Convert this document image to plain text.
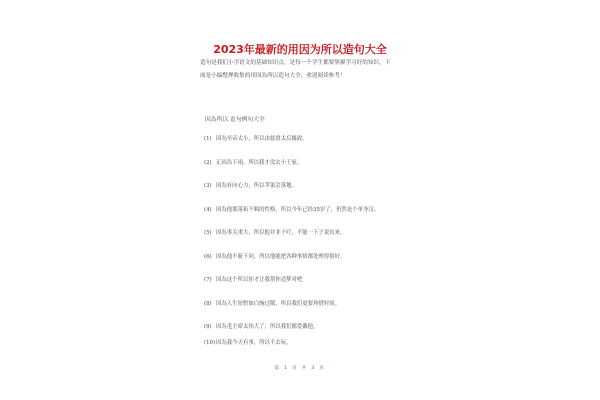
2023年最新的用因为所以造句大全

造句是我们小学语文的基础知识点，是每一个学生都要掌握学习好的知识，下

面是小编整理收集的用因為所以造句大全，欢迎阅读参考！

因為所以 造句例句大全
(1) 因為至帝太小，所以由慈禧太后摄政。
(2) 正因為下雨，所以我才没去小王家。
(3) 因為有向心力，所以苹果会落地。
(4) 因為他那落拓不羁的性格，所以今年已经35岁了，仍然是个单身汉。
(5) 因為事关重大，所以他并非千叮，不能一下子说出来。
(6) 因為他不耻下问，所以他能把各种事情都处理得很好。
(7) 因為这个所以你才让我帮你造梦对吧
(8) 因為人生短暂如白驹过隙，所以我们更要珍惜时间。
(9) 因為毛主席太伟大了，所以我们都爱戴他。
(10)因為我今天有事，所以不去玩。
第 1 页 共 3 页
